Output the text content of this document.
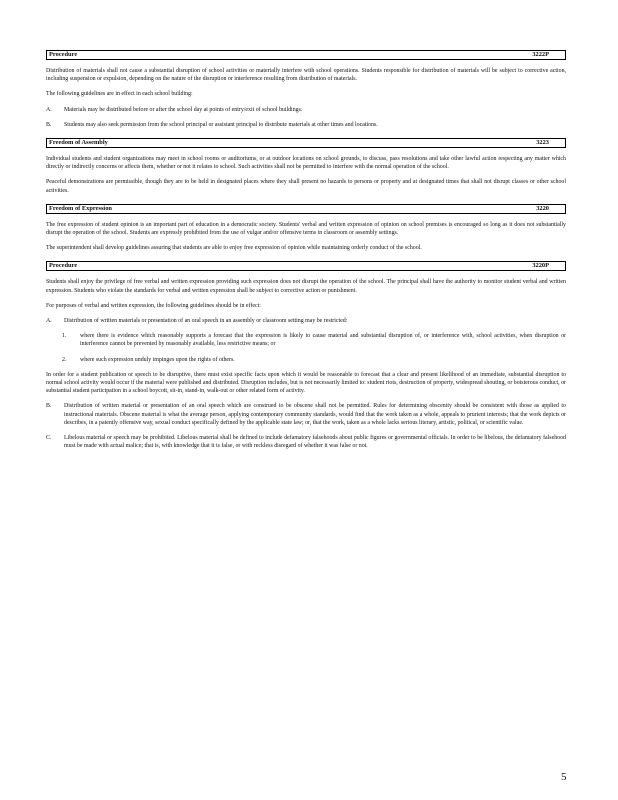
Procedure	3222P

Distribution of materials shall not cause a substantial disruption of school activities or materially interfere with school operations. Students responsible for distribution of materials will be subject to corrective action, including suspension or expulsion, depending on the nature of the disruption or interference resulting from distribution of materials.

The following guidelines are in effect in each school building:

A.	Materials may be distributed before or after the school day at points of entry/exit of school buildings.
B.	Students may also seek permission from the school principal or assistant principal to distribute materials at other times and locations.
Freedom of Assembly	3223

Individual students and student organizations may meet in school rooms or auditoriums, or at outdoor locations on school grounds, to discuss, pass resolutions and take other lawful action respecting any matter which directly or indirectly concerns or affects them, whether or not it relates to school. Such activities shall not be permitted to interfere with the normal operation of the school.

Peaceful demonstrations are permissible, though they are to be held in designated places where they shall present no hazards to persons or property and at designated times that shall not disrupt classes or other school activities.

Freedom of Expression	3220

The free expression of student opinion is an important part of education in a democratic society. Students' verbal and written expression of opinion on school premises is encouraged so long as it does not substantially disrupt the operation of the school. Students are expressly prohibited from the use of vulgar and/or offensive terms in classroom or assembly settings.

The superintendent shall develop guidelines assuring that students are able to enjoy free expression of opinion while maintaining orderly conduct of the school.

Procedure	3220P

Students shall enjoy the privilege of free verbal and written expression providing such expression does not disrupt the operation of the school. The principal shall have the authority to monitor student verbal and written expression. Students who violate the standards for verbal and written expression shall be subject to corrective action or punishment.

For purposes of verbal and written expression, the following guidelines should be in effect:

A.	Distribution of written materials or presentation of an oral speech in an assembly or classroom setting may be restricted:
1.	where there is evidence which reasonably supports a forecast that the expression is likely to cause material and substantial disruption of, or interference with, school activities, when disruption or interference cannot be prevented by reasonably available, less restrictive means; or
2.	where such expression unduly impinges upon the rights of others.

In order for a student publication or speech to be disruptive, there must exist specific facts upon which it would be reasonable to forecast that a clear and present likelihood of an immediate, substantial disruption to normal school activity would occur if the material were published and distributed. Disruption includes, but is not necessarily limited to: student riots, destruction of property, widespread shouting, or boisterous conduct, or substantial student participation in a school boycott, sit-in, stand-in, walk-out or other related form of activity.

B.	Distribution of written material or presentation of an oral speech which are construed to be obscene shall not be permitted. Rules for determining obscenity should be consistent with those as applied to instructional materials. Obscene material is what the average person, applying contemporary community standards, would find that the work taken as a whole, appeals to prurient interests; that the work depicts or describes, in a patently offensive way, sexual conduct specifically defined by the applicable state law; or, that the work, taken as a whole lacks serious literary, artistic, political, or scientific value.
C.	Libelous material or speech may be prohibited. Libelous material shall be defined to include defamatory falsehoods about public figures or governmental officials. In order to be libelous, the defamatory falsehood must be made with actual malice; that is, with knowledge that it is false, or with reckless disregard of whether it was false or not.
5
